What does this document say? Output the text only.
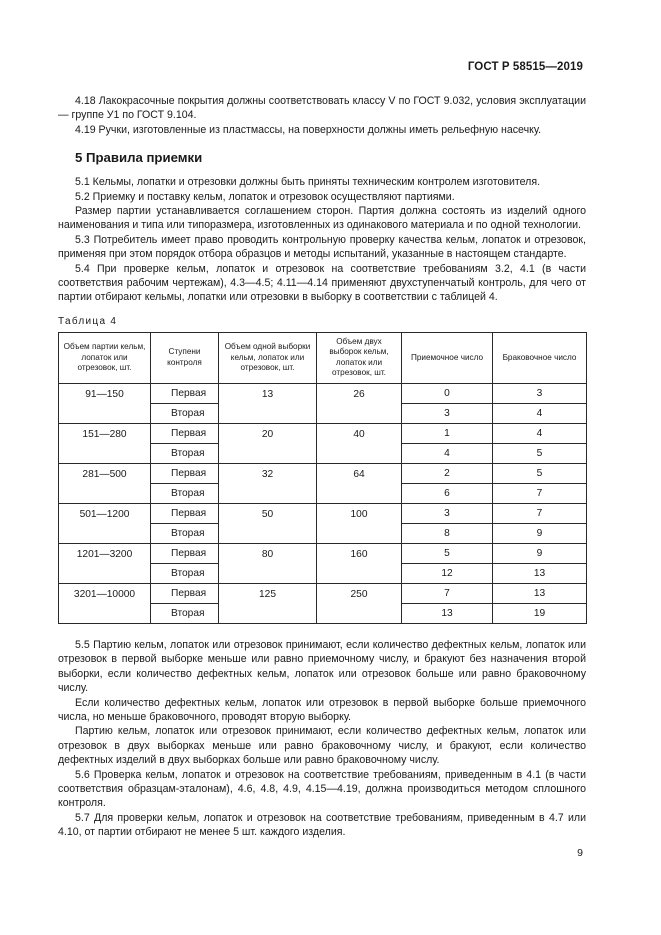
ГОСТ Р 58515—2019

4.18 Лакокрасочные покрытия должны соответствовать классу V по ГОСТ 9.032, условия эксплуатации — группе У1 по ГОСТ 9.104.

4.19 Ручки, изготовленные из пластмассы, на поверхности должны иметь рельефную насечку.

5 Правила приемки

5.1 Кельмы, лопатки и отрезовки должны быть приняты техническим контролем изготовителя.

5.2 Приемку и поставку кельм, лопаток и отрезовок осуществляют партиями.

Размер партии устанавливается соглашением сторон. Партия должна состоять из изделий одного наименования и типа или типоразмера, изготовленных из одинакового материала и по одной технологии.

5.3 Потребитель имеет право проводить контрольную проверку качества кельм, лопаток и отрезовок, применяя при этом порядок отбора образцов и методы испытаний, указанные в настоящем стандарте.

5.4 При проверке кельм, лопаток и отрезовок на соответствие требованиям 3.2, 4.1 (в части соответствия рабочим чертежам), 4.3—4.5; 4.11—4.14 применяют двухступенчатый контроль, для чего от партии отбирают кельмы, лопатки или отрезовки в выборку в соответствии с таблицей 4.

Таблица 4
Объем партии кельм, лопаток или отрезовок, шт.	Ступени контроля	Объем одной выборки кельм, лопаток или отрезовок, шт.	Объем двух выборок кельм, лопаток или отрезовок, шт.	Приемочное число	Браковочное число
91—150	Первая	13	26	0	3
	Вторая			3	4
151—280	Первая	20	40	1	4
	Вторая			4	5
281—500	Первая	32	64	2	5
	Вторая			6	7
501—1200	Первая	50	100	3	7
	Вторая			8	9
1201—3200	Первая	80	160	5	9
	Вторая			12	13
3201—10000	Первая	125	250	7	13
	Вторая			13	19

5.5 Партию кельм, лопаток или отрезовок принимают, если количество дефектных кельм, лопаток или отрезовок в первой выборке меньше или равно приемочному числу, и бракуют без назначения второй выборки, если количество дефектных кельм, лопаток или отрезовок больше или равно браковочному числу.

Если количество дефектных кельм, лопаток или отрезовок в первой выборке больше приемочного числа, но меньше браковочного, проводят вторую выборку.

Партию кельм, лопаток или отрезовок принимают, если количество дефектных кельм, лопаток или отрезовок в двух выборках меньше или равно браковочному числу, и бракуют, если количество дефектных изделий в двух выборках больше или равно браковочному числу.

5.6 Проверка кельм, лопаток и отрезовок на соответствие требованиям, приведенным в 4.1 (в части соответствия образцам-эталонам), 4.6, 4.8, 4.9, 4.15—4.19, должна производиться методом сплошного контроля.

5.7 Для проверки кельм, лопаток и отрезовок на соответствие требованиям, приведенным в 4.7 или 4.10, от партии отбирают не менее 5 шт. каждого изделия.

9
